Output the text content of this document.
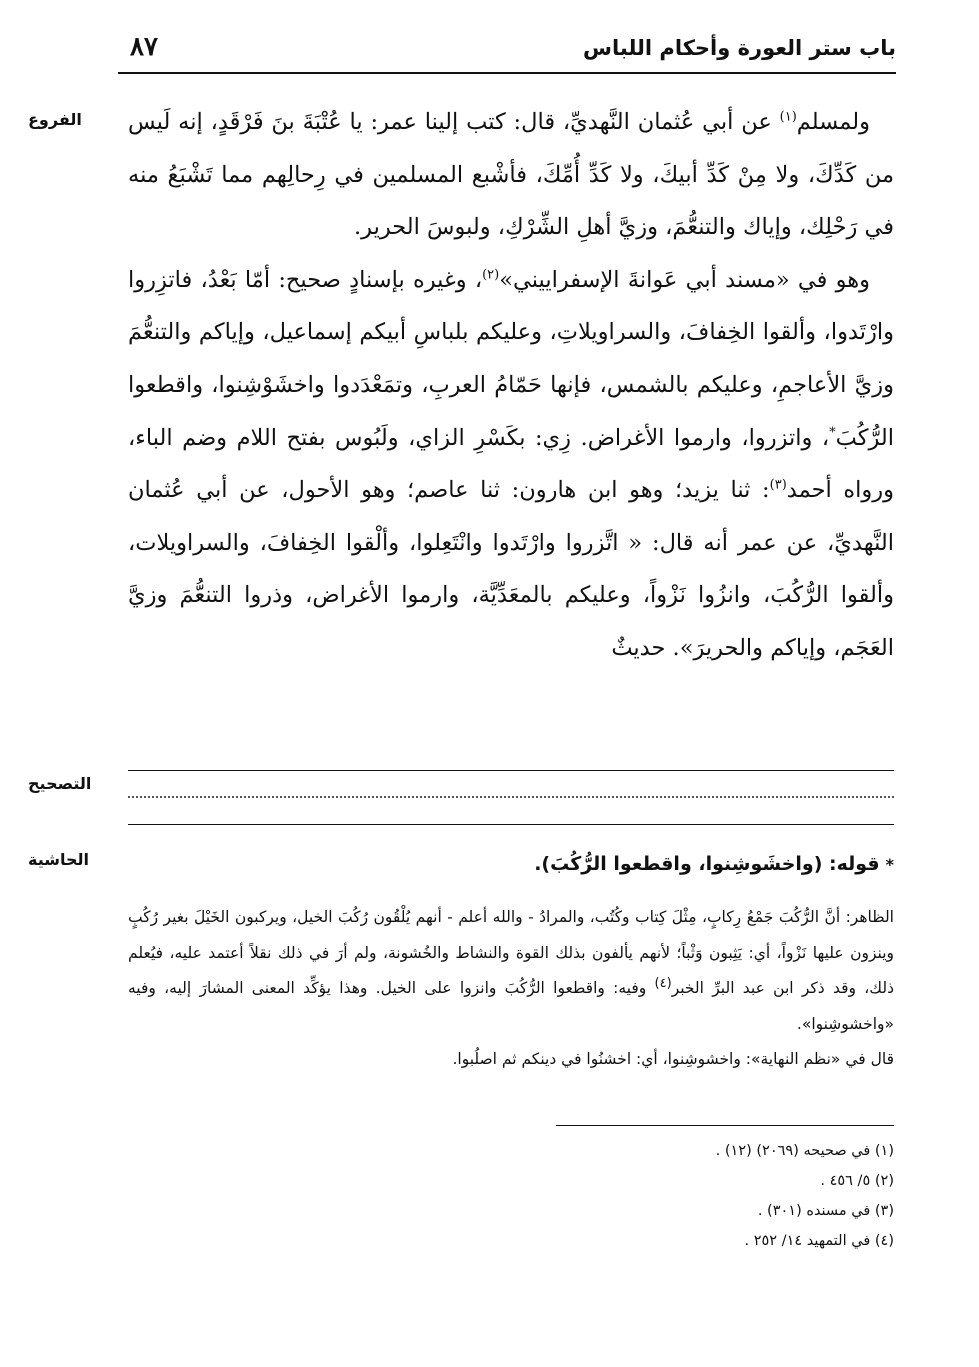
باب ستر العورة وأحكام اللباس
٨٧
الفروع
التصحيح
الحاشية

ولمسلم$^{(١)}$ عن أبي عُثمان النَّهديِّ، قال: كتب إلينا عمر: يا عُتْبَةَ بنَ فَرْقَدٍ، إنه لَيس من كَدِّكَ، ولا مِنْ كَدِّ أبيكَ، ولا كَدِّ أُمِّكَ، فأشْبع المسلمين في رِحالِهم مما تَشْبَعُ منه في رَحْلِك، وإياك والتنعُّمَ، وزيَّ أهلِ الشِّرْكِ، ولبوسَ الحرير.

وهو في «مسند أبي عَوانةَ الإسفراييني»$^{(٢)}$، وغيره بإسنادٍ صحيح: أمّا بَعْدُ، فاتزِروا وارْتَدوا، وألقوا الخِفافَ، والسراويلاتِ، وعليكم بلباسِ أبيكم إسماعيل، وإياكم والتنعُّمَ وزيَّ الأعاجمِ، وعليكم بالشمس، فإنها حَمّامُ العربِ، وتمَعْدَدوا واخشَوْشِنوا، واقطعوا الرُّكُبَ*، واتزروا، وارموا الأغراض. زِي: بكَسْرِ الزاي، ولَبُوس بفتح اللام وضم الباء، ورواه أحمد$^{(٣)}$: ثنا يزيد؛ وهو ابن هارون: ثنا عاصم؛ وهو الأحول، عن أبي عُثمان النَّهديِّ، عن عمر أنه قال: « اتَّزروا وارْتَدوا وانْتَعِلوا، وألْقوا الخِفافَ، والسراويلات، وألقوا الرُّكُبَ، وانزُوا نَزْواً، وعليكم بالمعَدِّيَّة، وارموا الأغراض، وذروا التنعُّمَ وزيَّ العَجَم، وإياكم والحريرَ». حديثٌ

*قوله: (واخشَوشِنوا، واقطعوا الرُّكُبَ).

الظاهر: أنَّ الرُّكُبَ جَمْعُ رِكابٍ، مِثْلَ كِتاب وكُتُب، والمرادُ - والله أعلم - أنهم يُلْقُون رُكُبَ الخيل، ويركبون الخَيْلَ بغير رُكُبٍ وينزون عليها نَزْواً، أي: يَثِبون وَثْباً؛ لأنهم يألفون بذلك القوة والنشاط والخُشونة، ولم أرَ في ذلك نقلاً أعتمد عليه، فيُعلم ذلك، وقد ذكر ابن عبد البرِّ الخبر$^{(٤)}$ وفيه: واقطعوا الرُّكُبَ وانزوا على الخيل. وهذا يؤكِّد المعنى المشارَ إليه، وفيه «واخشوشِنوا».

قال في «نظم النهاية»: واخشوشِنوا، أي: اخشنُوا في دينكم ثم اصلُبوا.

(١) في صحيحه (٢٠٦٩) (١٢) .
(٢) ٥/ ٤٥٦ .
(٣) في مسنده (٣٠١) .
(٤) في التمهيد ١٤/ ٢٥٢ .
